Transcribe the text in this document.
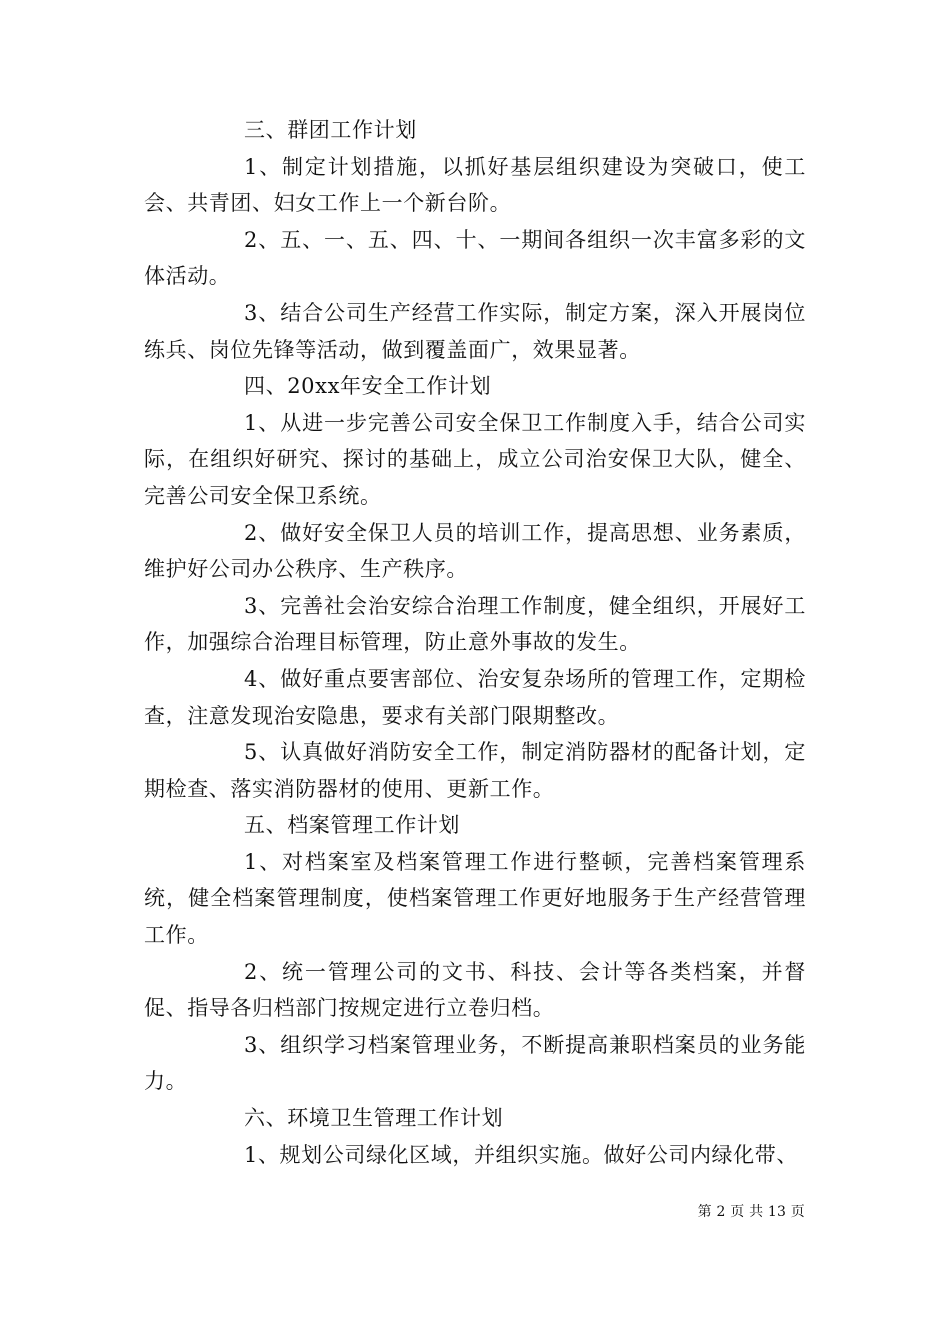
三、群团工作计划

1、制定计划措施，以抓好基层组织建设为突破口，使工会、共青团、妇女工作上一个新台阶。

2、五、一、五、四、十、一期间各组织一次丰富多彩的文体活动。

3、结合公司生产经营工作实际，制定方案，深入开展岗位练兵、岗位先锋等活动，做到覆盖面广，效果显著。

四、20xx年安全工作计划

1、从进一步完善公司安全保卫工作制度入手，结合公司实际，在组织好研究、探讨的基础上，成立公司治安保卫大队，健全、完善公司安全保卫系统。

2、做好安全保卫人员的培训工作，提高思想、业务素质，维护好公司办公秩序、生产秩序。

3、完善社会治安综合治理工作制度，健全组织，开展好工作，加强综合治理目标管理，防止意外事故的发生。

4、做好重点要害部位、治安复杂场所的管理工作，定期检查，注意发现治安隐患，要求有关部门限期整改。

5、认真做好消防安全工作，制定消防器材的配备计划，定期检查、落实消防器材的使用、更新工作。

五、档案管理工作计划

1、对档案室及档案管理工作进行整顿，完善档案管理系统，健全档案管理制度，使档案管理工作更好地服务于生产经营管理工作。

2、统一管理公司的文书、科技、会计等各类档案，并督促、指导各归档部门按规定进行立卷归档。

3、组织学习档案管理业务，不断提高兼职档案员的业务能力。

六、环境卫生管理工作计划

1、规划公司绿化区域，并组织实施。做好公司内绿化带、

第 2 页 共 13 页
